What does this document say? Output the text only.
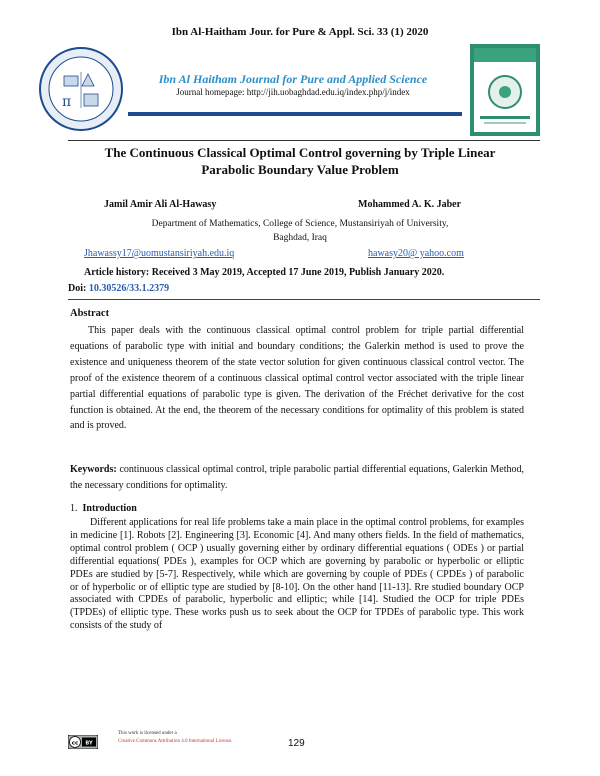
Ibn Al-Haitham Jour. for Pure & Appl. Sci. 33 (1) 2020
π
Ibn Al Haitham Journal for Pure and Applied Science
Journal homepage: http://jih.uobaghdad.edu.iq/index.php/j/index
The Continuous Classical Optimal Control governing by Triple Linear
Parabolic Boundary Value Problem
Jamil Amir Ali Al-Hawasy	Mohammed A. K. Jaber
Department of Mathematics, College of Science, Mustansiriyah of University,
Baghdad, Iraq
Jhawassy17@uomustansiriyah.edu.iq	hawasy20@ yahoo.com
Article history: Received 3 May 2019, Accepted 17 June 2019, Publish January 2020.
Doi: 10.30526/33.1.2379
Abstract

This paper deals with the continuous classical optimal control problem for triple partial differential equations of parabolic type with initial and boundary conditions; the Galerkin method is used to prove the existence and uniqueness theorem of the state vector solution for given continuous classical control vector. The proof of the existence theorem of a continuous classical optimal control vector associated with the triple linear partial differential equations of parabolic type is given. The derivation of the Fréchet derivative for the cost function is obtained. At the end, the theorem of the necessary conditions for optimality of this problem is stated and is proved.

Keywords: continuous classical optimal control, triple parabolic partial differential equations, Galerkin Method, the necessary conditions for optimality.

1. Introduction

Different applications for real life problems take a main place in the optimal control problems, for examples in medicine [1]. Robots [2]. Engineering [3]. Economic [4]. And many others fields. In the field of mathematics, optimal control problem ( OCP ) usually governing either by ordinary differential equations ( ODEs ) or partial differential equations( PDEs ), examples for OCP which are governing by parabolic or hyperbolic or elliptic PDEs are studied by [5-7]. Respectively, while which are governing by couple of PDEs ( CPDEs ) of parabolic or of hyperbolic or of elliptic type are studied by [8-10]. On the other hand [11-13]. Rre studied boundary OCP associated with CPDEs of parabolic, hyperbolic and elliptic; while [14]. Studied the OCP for triple PDEs (TPDEs) of elliptic type. These works push us to seek about the OCP for TPDEs of parabolic type. This work consists of the study of

cc BY
This work is licensed under a
Creative Commons Attribution 4.0 International License.	129
